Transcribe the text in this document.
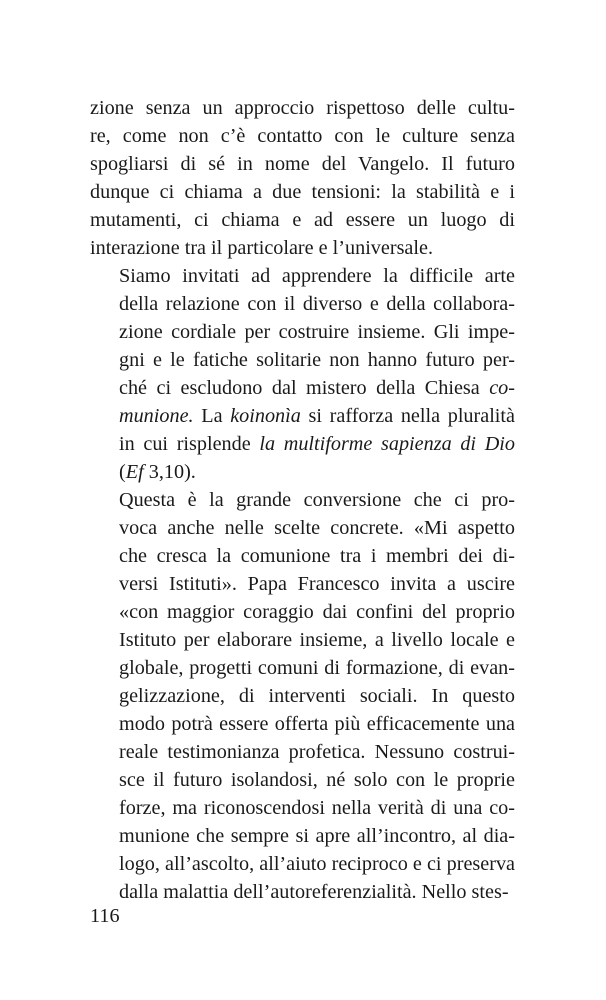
zione senza un approccio rispettoso delle cultu-
re, come non c’è contatto con le culture senza
spogliarsi di sé in nome del Vangelo. Il futuro
dunque ci chiama a due tensioni: la stabilità e i
mutamenti, ci chiama e ad essere un luogo di
interazione tra il particolare e l’universale.

Siamo invitati ad apprendere la difficile arte
della relazione con il diverso e della collabora-
zione cordiale per costruire insieme. Gli impe-
gni e le fatiche solitarie non hanno futuro per-
ché ci escludono dal mistero della Chiesa co-
munione. La koinonìa si rafforza nella pluralità
in cui risplende la multiforme sapienza di Dio
(Ef 3,10).

Questa è la grande conversione che ci pro-
voca anche nelle scelte concrete. «Mi aspetto
che cresca la comunione tra i membri dei di-
versi Istituti». Papa Francesco invita a uscire
«con maggior coraggio dai confini del proprio
Istituto per elaborare insieme, a livello locale e
globale, progetti comuni di formazione, di evan-
gelizzazione, di interventi sociali. In questo
modo potrà essere offerta più efficacemente una
reale testimonianza profetica. Nessuno costrui-
sce il futuro isolandosi, né solo con le proprie
forze, ma riconoscendosi nella verità di una co-
munione che sempre si apre all’incontro, al dia-
logo, all’ascolto, all’aiuto reciproco e ci preserva
dalla malattia dell’autoreferenzialità. Nello stes-

116
